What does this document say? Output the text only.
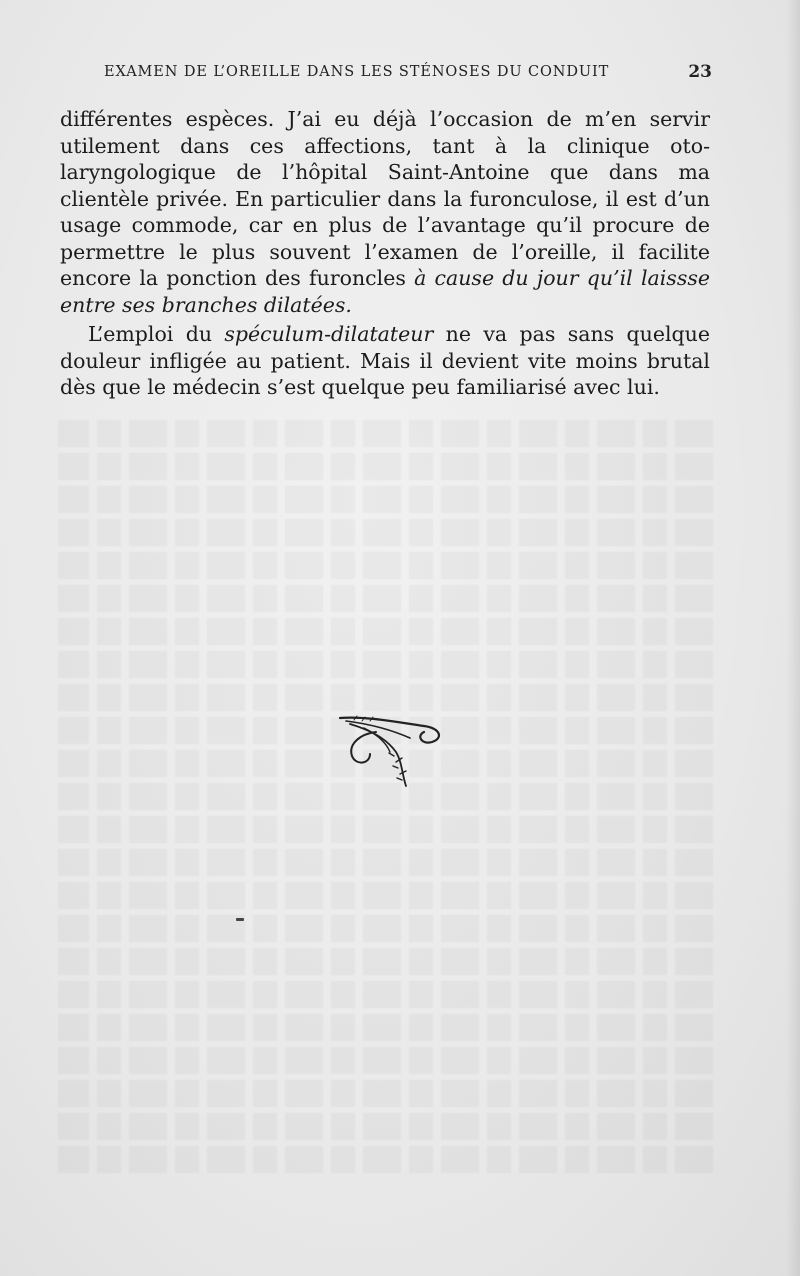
EXAMEN DE L’OREILLE DANS LES STÉNOSES DU CONDUIT	23

différentes espèces. J’ai eu déjà l’occasion de m’en servir utilement dans ces affections, tant à la clinique oto-laryngologique de l’hôpital Saint-Antoine que dans ma clientèle privée. En particulier dans la furonculose, il est d’un usage commode, car en plus de l’avantage qu’il procure de permettre le plus souvent l’examen de l’oreille, il facilite encore la ponction des furoncles à cause du jour qu’il laissse entre ses branches dilatées.

L’emploi du spéculum-dilatateur ne va pas sans quelque douleur infligée au patient. Mais il devient vite moins brutal dès que le médecin s’est quelque peu familiarisé avec lui.
